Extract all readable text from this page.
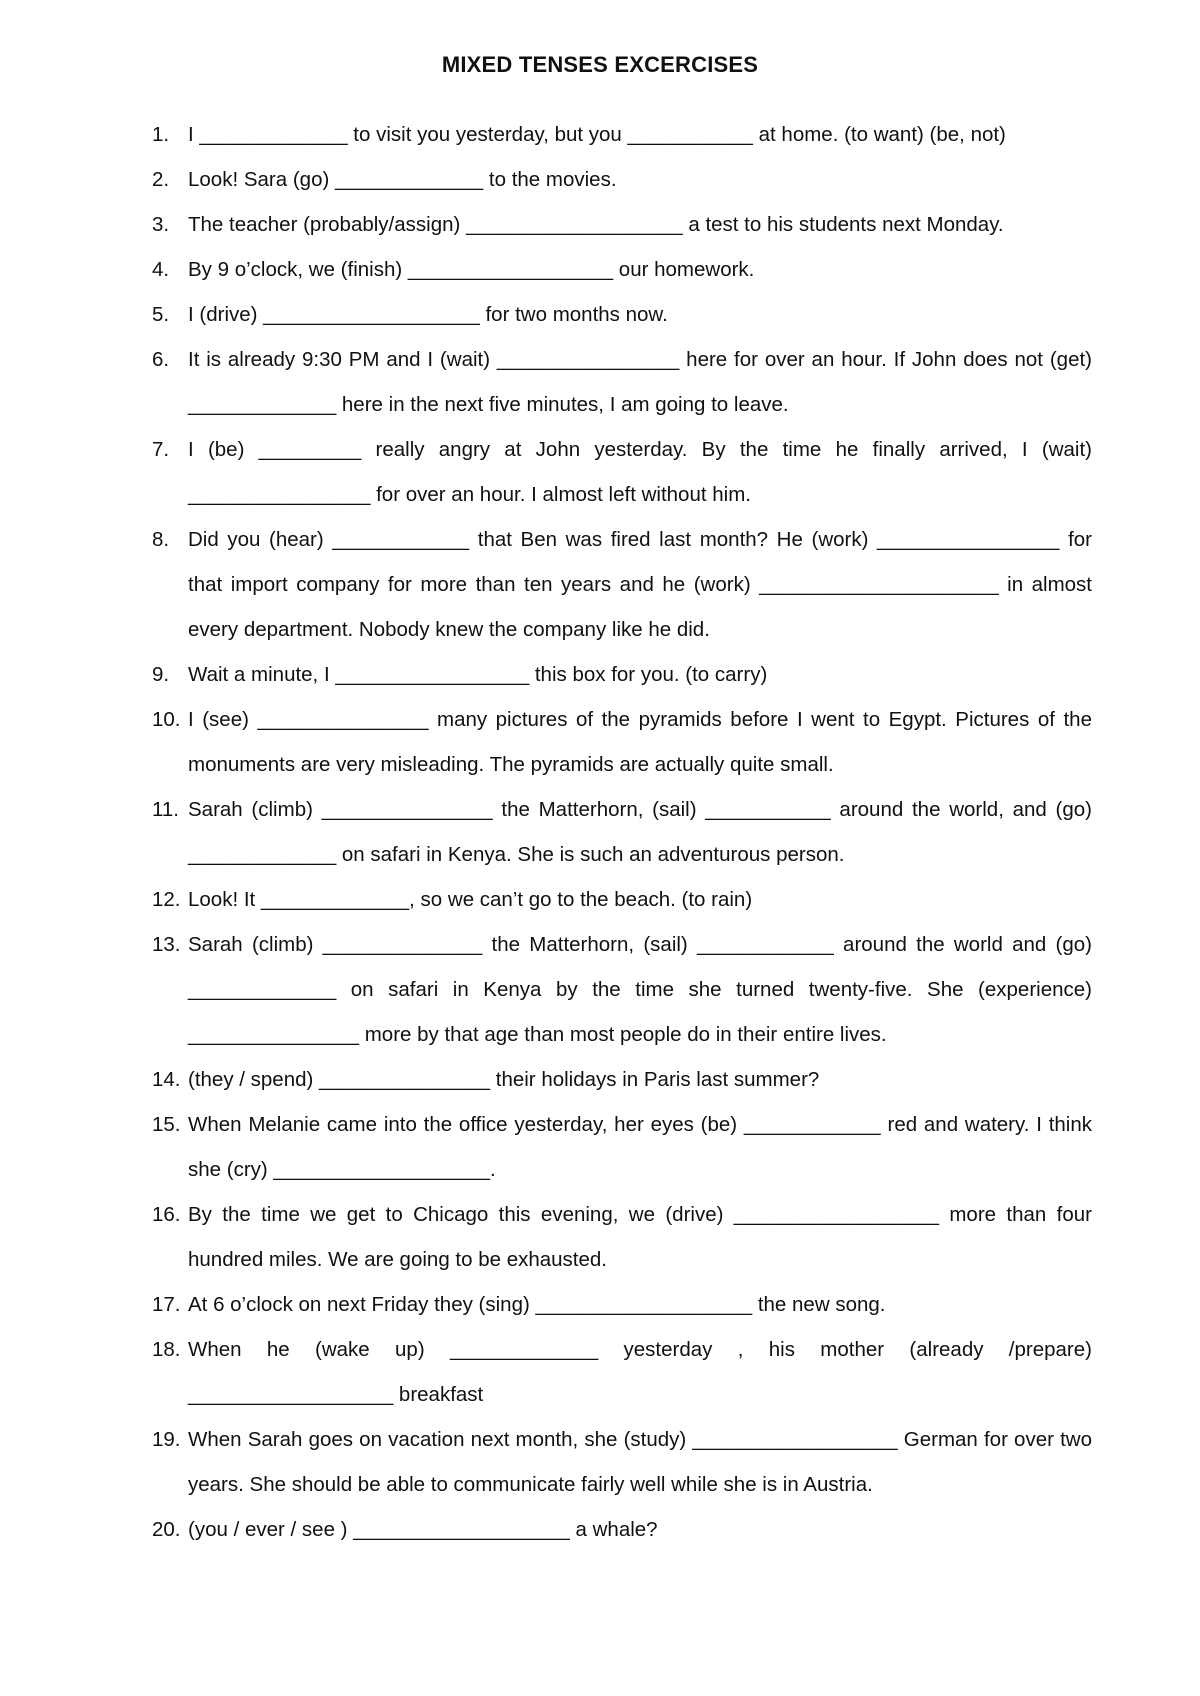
MIXED TENSES EXCERCISES
1. I _____________ to visit you yesterday, but you ___________ at home. (to want) (be, not)
2. Look! Sara (go) _____________ to the movies.
3. The teacher (probably/assign) ___________________ a test to his students next Monday.
4. By 9 o’clock, we (finish) __________________ our homework.
5. I (drive) ___________________ for two months now.
6. It is already 9:30 PM and I (wait) ________________ here for over an hour. If John does not (get) _____________ here in the next five minutes, I am going to leave.
7. I (be) _________ really angry at John yesterday. By the time he finally arrived, I (wait) ________________ for over an hour. I almost left without him.
8. Did you (hear) ____________ that Ben was fired last month? He (work) ________________ for that import company for more than ten years and he (work) _____________________ in almost every department. Nobody knew the company like he did.
9. Wait a minute, I _________________ this box for you. (to carry)
10. I (see) _______________ many pictures of the pyramids before I went to Egypt. Pictures of the monuments are very misleading. The pyramids are actually quite small.
11. Sarah (climb) _______________ the Matterhorn, (sail) ___________ around the world, and (go) _____________ on safari in Kenya. She is such an adventurous person.
12. Look! It _____________, so we can’t go to the beach. (to rain)
13. Sarah (climb) ______________ the Matterhorn, (sail) ____________ around the world and (go) _____________ on safari in Kenya by the time she turned twenty-five. She (experience) _______________ more by that age than most people do in their entire lives.
14. (they / spend) _______________ their holidays in Paris last summer?
15. When Melanie came into the office yesterday, her eyes (be) ____________ red and watery. I think she (cry) ___________________.
16. By the time we get to Chicago this evening, we (drive) __________________ more than four hundred miles. We are going to be exhausted.
17. At 6 o’clock on next Friday they (sing) ___________________ the new song.
18. When he (wake up) _____________ yesterday , his mother (already /prepare) __________________ breakfast
19. When Sarah goes on vacation next month, she (study) __________________ German for over two years. She should be able to communicate fairly well while she is in Austria.
20. (you / ever / see ) ___________________ a whale?
